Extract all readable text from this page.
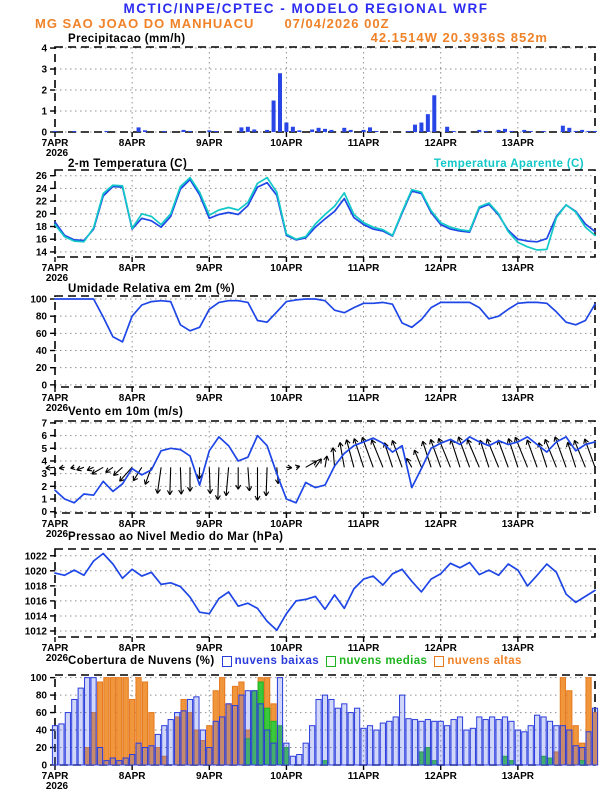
MCTIC/INPE/CPTEC - MODELO REGIONAL WRF
MG SAO JOAO DO MANHUACU 07/04/2026 00Z
42.1514W 20.3936S 852m
Precipitacao (mm/h)
2-m Temperatura (C)	Temperatura Aparente (C)
Umidade Relativa em 2m (%)
Vento em 10m (m/s)
Pressao ao Nivel Medio do Mar (hPa)
Cobertura de Nuvens (%) nuvens baixas nuvens medias nuvens altas
0
1
2
3
4
7APR
2026
8APR	9APR	10APR	11APR	12APR	13APR
14
16
18
20
22
24
26
7APR
2026
8APR	9APR	10APR	11APR	12APR	13APR
0
20
40
60
80
100
7APR
2026
8APR	9APR	10APR	11APR	12APR	13APR
0
1
2
3
4
5
6
7
7APR
2026
8APR	9APR	10APR	11APR	12APR	13APR
1012
1014
1016
1018
1020
1022
7APR
2026
8APR	9APR	10APR	11APR	12APR	13APR
0
20
40
60
80
100
7APR
2026
8APR	9APR	10APR	11APR	12APR	13APR
